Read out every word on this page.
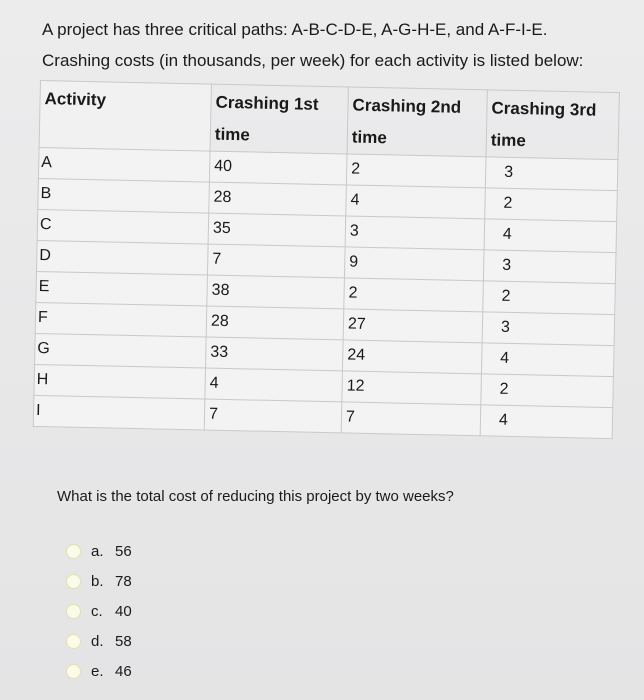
A project has three critical paths: A-B-C-D-E, A-G-H-E, and A-F-I-E.

Crashing costs (in thousands, per week) for each activity is listed below:

Activity	Crashing 1st time	Crashing 2nd time	Crashing 3rd time
A	40	2	3
B	28	4	2
C	35	3	4
D	7	9	3
E	38	2	2
F	28	27	3
G	33	24	4
H	4	12	2
I	7	7	4
What is the total cost of reducing this project by two weeks?
a. 56
b. 78
c. 40
d. 58
e. 46
